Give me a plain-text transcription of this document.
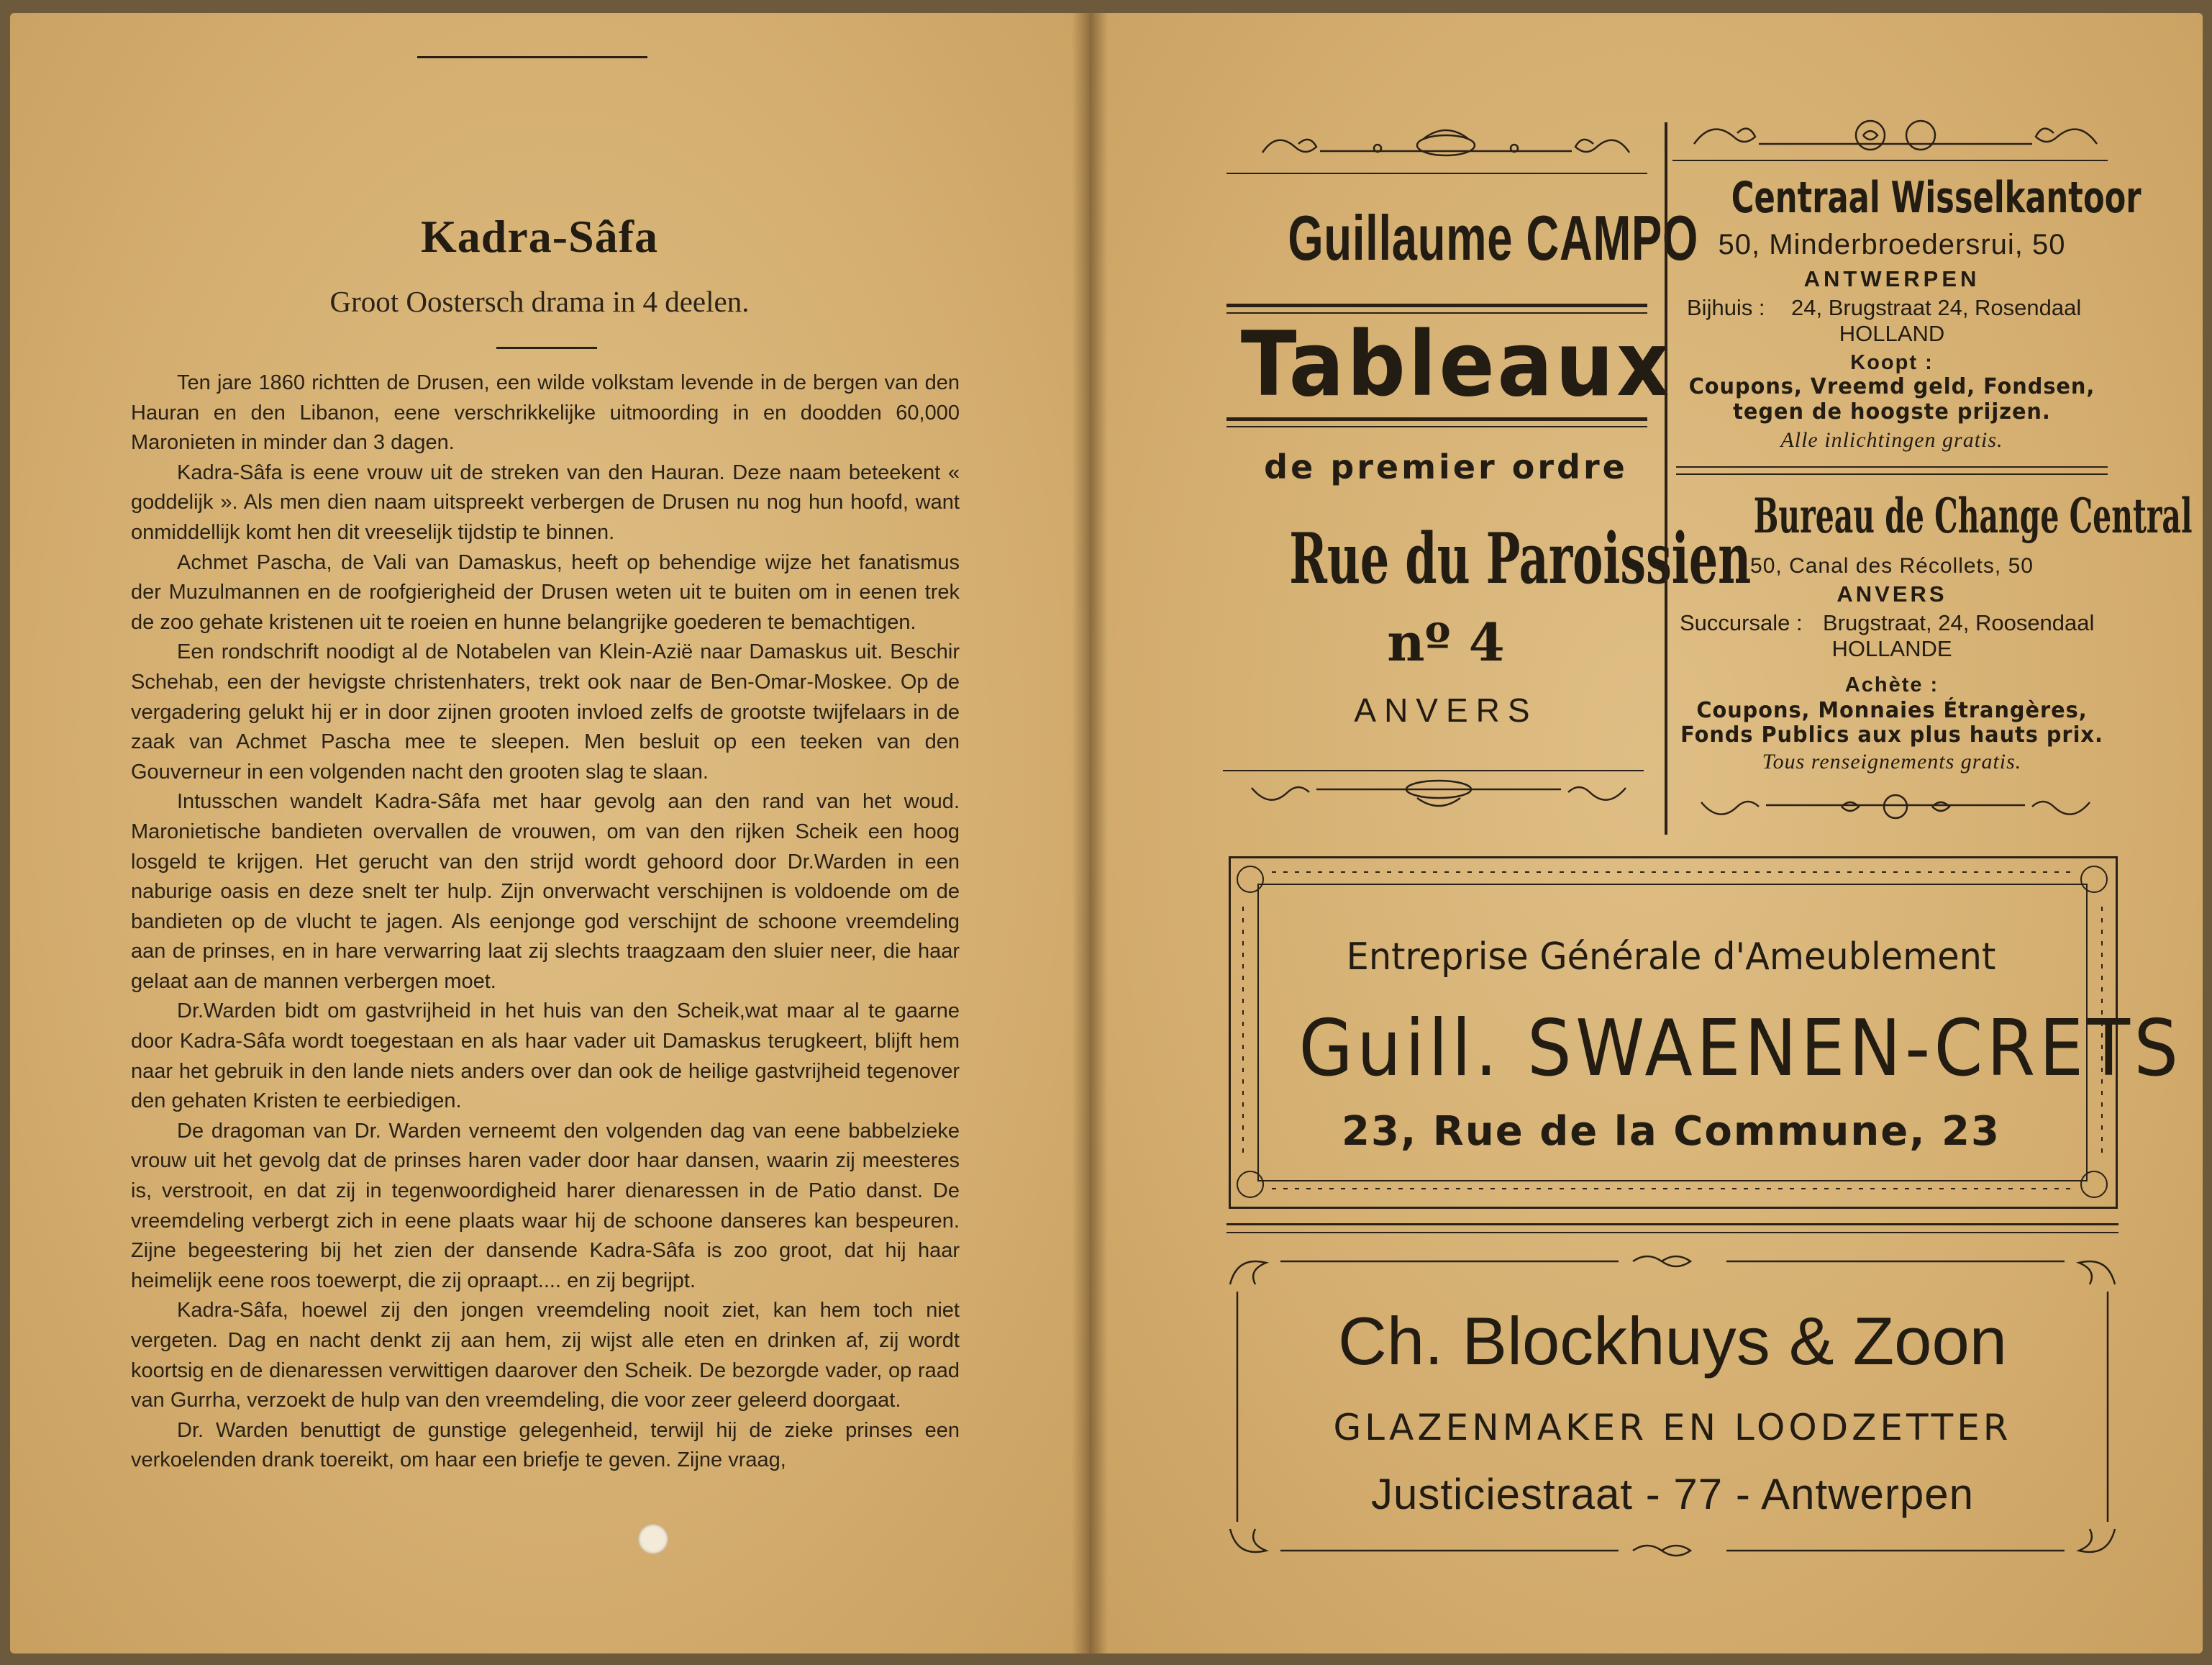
Kadra-Sâfa
Groot Oostersch drama in 4 deelen.

Ten jare 1860 richtten de Drusen, een wilde volkstam levende in de bergen van den Hauran en den Libanon, eene verschrikkelijke uitmoording in en doodden 60,000 Maronieten in minder dan 3 dagen.

Kadra-Sâfa is eene vrouw uit de streken van den Hauran. Deze naam beteekent « goddelijk ». Als men dien naam uitspreekt verbergen de Drusen nu nog hun hoofd, want onmiddellijk komt hen dit vreeselijk tijdstip te binnen.

Achmet Pascha, de Vali van Damaskus, heeft op behendige wijze het fanatismus der Muzulmannen en de roofgierigheid der Drusen weten uit te buiten om in eenen trek de zoo gehate kristenen uit te roeien en hunne belangrijke goederen te bemachtigen.

Een rondschrift noodigt al de Notabelen van Klein-Azië naar Damaskus uit. Beschir Schehab, een der hevigste christenhaters, trekt ook naar de Ben-Omar-Moskee. Op de vergadering gelukt hij er in door zijnen grooten invloed zelfs de grootste twijfelaars in de zaak van Achmet Pascha mee te sleepen. Men besluit op een teeken van den Gouverneur in een volgenden nacht den grooten slag te slaan.

Intusschen wandelt Kadra-Sâfa met haar gevolg aan den rand van het woud. Maronietische bandieten overvallen de vrouwen, om van den rijken Scheik een hoog losgeld te krijgen. Het gerucht van den strijd wordt gehoord door Dr.Warden in een naburige oasis en deze snelt ter hulp. Zijn onverwacht verschijnen is voldoende om de bandieten op de vlucht te jagen. Als eenjonge god verschijnt de schoone vreemdeling aan de prinses, en in hare verwarring laat zij slechts traagzaam den sluier neer, die haar gelaat aan de mannen verbergen moet.

Dr.Warden bidt om gastvrijheid in het huis van den Scheik,wat maar al te gaarne door Kadra-Sâfa wordt toegestaan en als haar vader uit Damaskus terugkeert, blijft hem naar het gebruik in den lande niets anders over dan ook de heilige gastvrijheid tegenover den gehaten Kristen te eerbiedigen.

De dragoman van Dr. Warden verneemt den volgenden dag van eene babbelzieke vrouw uit het gevolg dat de prinses haren vader door haar dansen, waarin zij meesteres is, verstrooit, en dat zij in tegenwoordigheid harer dienaressen in de Patio danst. De vreemdeling verbergt zich in eene plaats waar hij de schoone danseres kan bespeuren. Zijne begeestering bij het zien der dansende Kadra-Sâfa is zoo groot, dat hij haar heimelijk eene roos toewerpt, die zij opraapt.... en zij begrijpt.

Kadra-Sâfa, hoewel zij den jongen vreemdeling nooit ziet, kan hem toch niet vergeten. Dag en nacht denkt zij aan hem, zij wijst alle eten en drinken af, zij wordt koortsig en de dienaressen verwittigen daarover den Scheik. De bezorgde vader, op raad van Gurrha, verzoekt de hulp van den vreemdeling, die voor zeer geleerd doorgaat.

Dr. Warden benuttigt de gunstige gelegenheid, terwijl hij de zieke prinses een verkoelenden drank toereikt, om haar een briefje te geven. Zijne vraag,

Guillaume CAMPO
Tableaux
de premier ordre
Rue du Paroissien
nº 4
ANVERS
Centraal Wisselkantoor
50, Minderbroedersrui, 50
ANTWERPEN
Bijhuis : 24, Brugstraat 24, Rosendaal
HOLLAND
Koopt :
Coupons, Vreemd geld, Fondsen,
tegen de hoogste prijzen.
Alle inlichtingen gratis.
Bureau de Change Central
50, Canal des Récollets, 50
ANVERS
Succursale : Brugstraat, 24, Roosendaal
HOLLANDE
Achète :
Coupons, Monnaies Étrangères,
Fonds Publics aux plus hauts prix.
Tous renseignements gratis.
Entreprise Générale d'Ameublement
Guill. SWAENEN-CRETS
23, Rue de la Commune, 23
Ch. Blockhuys & Zoon
GLAZENMAKER EN LOODZETTER
Justiciestraat - 77 - Antwerpen
